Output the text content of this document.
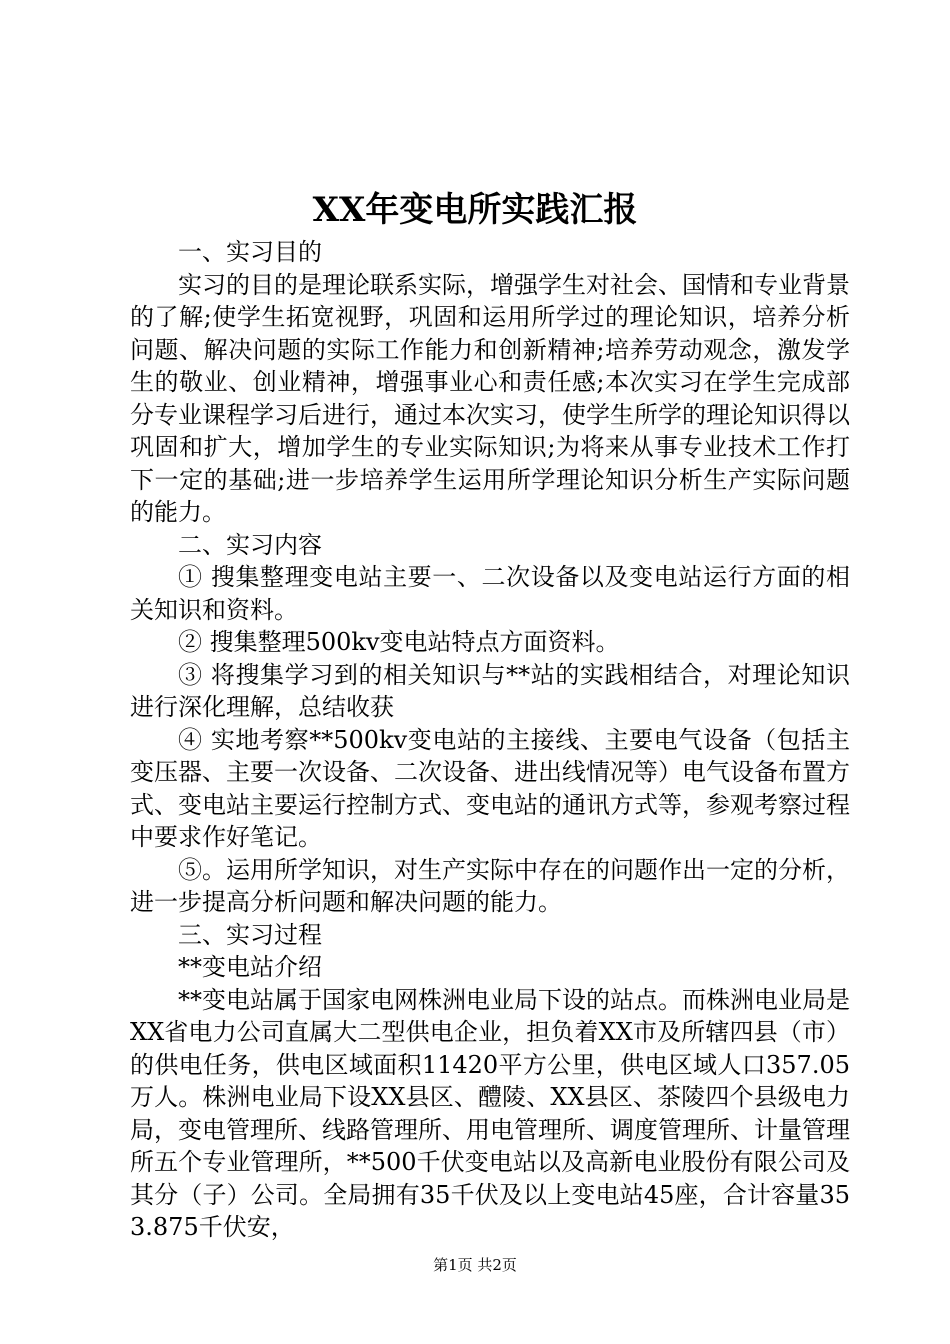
XX年变电所实践汇报

一、实习目的

实习的目的是理论联系实际，增强学生对社会、国情和专业背景的了解;使学生拓宽视野，巩固和运用所学过的理论知识，培养分析问题、解决问题的实际工作能力和创新精神;培养劳动观念，激发学生的敬业、创业精神，增强事业心和责任感;本次实习在学生完成部分专业课程学习后进行，通过本次实习，使学生所学的理论知识得以巩固和扩大，增加学生的专业实际知识;为将来从事专业技术工作打下一定的基础;进一步培养学生运用所学理论知识分析生产实际问题的能力。

二、实习内容

① 搜集整理变电站主要一、二次设备以及变电站运行方面的相关知识和资料。

② 搜集整理500kv变电站特点方面资料。

③ 将搜集学习到的相关知识与**站的实践相结合，对理论知识进行深化理解，总结收获

④ 实地考察**500kv变电站的主接线、主要电气设备（包括主变压器、主要一次设备、二次设备、进出线情况等）电气设备布置方式、变电站主要运行控制方式、变电站的通讯方式等，参观考察过程中要求作好笔记。

⑤。运用所学知识，对生产实际中存在的问题作出一定的分析，进一步提高分析问题和解决问题的能力。

三、实习过程

**变电站介绍

**变电站属于国家电网株洲电业局下设的站点。而株洲电业局是XX省电力公司直属大二型供电企业，担负着XX市及所辖四县（市）的供电任务，供电区域面积11420平方公里，供电区域人口357.05万人。株洲电业局下设XX县区、醴陵、XX县区、茶陵四个县级电力局，变电管理所、线路管理所、用电管理所、调度管理所、计量管理所五个专业管理所，**500千伏变电站以及高新电业股份有限公司及其分（子）公司。全局拥有35千伏及以上变电站45座，合计容量353.875千伏安，

第1页 共2页
